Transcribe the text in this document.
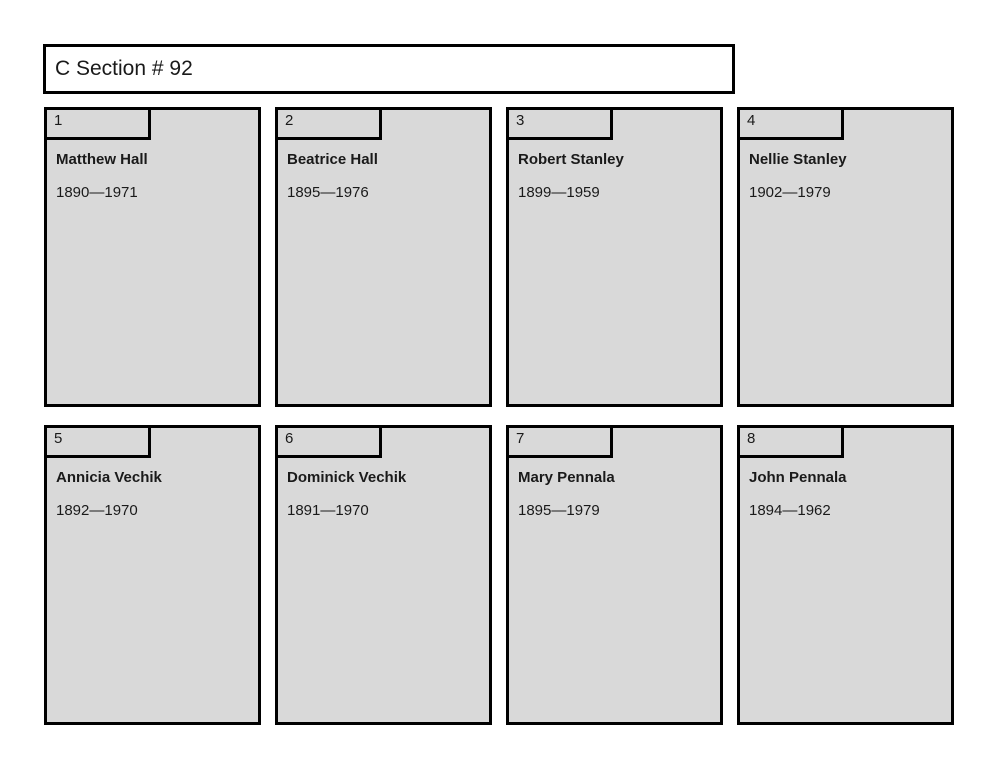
C Section # 92
1
Matthew Hall
1890—1971
2
Beatrice Hall
1895—1976
3
Robert Stanley
1899—1959
4
Nellie Stanley
1902—1979
5
Annicia Vechik
1892—1970
6
Dominick Vechik
1891—1970
7
Mary Pennala
1895—1979
8
John Pennala
1894—1962
